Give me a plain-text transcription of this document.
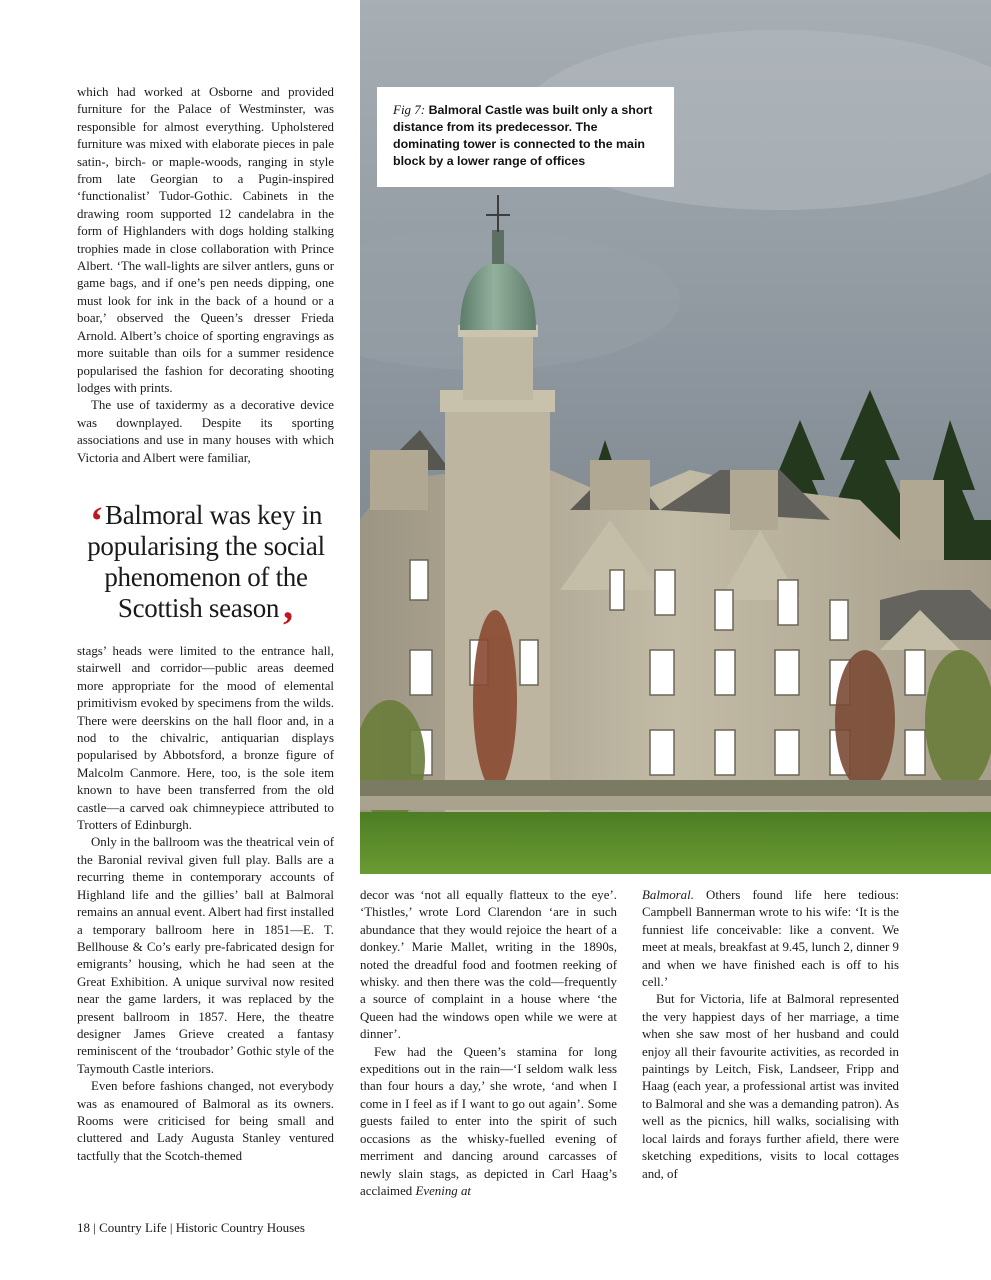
Fig 7: Balmoral Castle was built only a short distance from its predecessor. The dominating tower is connected to the main block by a lower range of offices

which had worked at Osborne and provided furniture for the Palace of Westminster, was responsible for almost everything. Upholstered furniture was mixed with elaborate pieces in pale satin-, birch- or maple-woods, ranging in style from late Georgian to a Pugin-inspired ‘functionalist’ Tudor-Gothic. Cabinets in the drawing room supported 12 candelabra in the form of Highlanders with dogs holding stalking trophies made in close collaboration with Prince Albert. ‘The wall-lights are silver antlers, guns or game bags, and if one’s pen needs dipping, one must look for ink in the back of a hound or a boar,’ observed the Queen’s dresser Frieda Arnold. Albert’s choice of sporting engravings as more suitable than oils for a summer residence popularised the fashion for decorating shooting lodges with prints.

The use of taxidermy as a decorative device was downplayed. Despite its sporting associations and use in many houses with which Victoria and Albert were familiar,

‘Balmoral was key in popularising the social phenomenon of the Scottish season’

stags’ heads were limited to the entrance hall, stairwell and corridor—public areas deemed more appropriate for the mood of elemental primitivism evoked by specimens from the wilds. There were deerskins on the hall floor and, in a nod to the chivalric, antiquarian displays popularised by Abbotsford, a bronze figure of Malcolm Canmore. Here, too, is the sole item known to have been transferred from the old castle—a carved oak chimneypiece attributed to Trotters of Edinburgh.

Only in the ballroom was the theatrical vein of the Baronial revival given full play. Balls are a recurring theme in contemporary accounts of Highland life and the gillies’ ball at Balmoral remains an annual event. Albert had first installed a temporary ballroom here in 1851—E. T. Bellhouse & Co’s early pre-fabricated design for emigrants’ housing, which he had seen at the Great Exhibition. A unique survival now resited near the game larders, it was replaced by the present ballroom in 1857. Here, the theatre designer James Grieve created a fantasy reminiscent of the ‘troubador’ Gothic style of the Taymouth Castle interiors.

Even before fashions changed, not everybody was as enamoured of Balmoral as its owners. Rooms were criticised for being small and cluttered and Lady Augusta Stanley ventured tactfully that the Scotch-themed

decor was ‘not all equally flatteux to the eye’. ‘Thistles,’ wrote Lord Clarendon ‘are in such abundance that they would rejoice the heart of a donkey.’ Marie Mallet, writing in the 1890s, noted the dreadful food and footmen reeking of whisky. and then there was the cold—frequently a source of complaint in a house where ‘the Queen had the windows open while we were at dinner’.

Few had the Queen’s stamina for long expeditions out in the rain—‘I seldom walk less than four hours a day,’ she wrote, ‘and when I come in I feel as if I want to go out again’. Some guests failed to enter into the spirit of such occasions as the whisky-fuelled evening of merriment and dancing around carcasses of newly slain stags, as depicted in Carl Haag’s acclaimed Evening at

Balmoral. Others found life here tedious: Campbell Bannerman wrote to his wife: ‘It is the funniest life conceivable: like a convent. We meet at meals, breakfast at 9.45, lunch 2, dinner 9 and when we have finished each is off to his cell.’

But for Victoria, life at Balmoral represented the very happiest days of her marriage, a time when she saw most of her husband and could enjoy all their favourite activities, as recorded in paintings by Leitch, Fisk, Landseer, Fripp and Haag (each year, a professional artist was invited to Balmoral and she was a demanding patron). As well as the picnics, hill walks, socialising with local lairds and forays further afield, there were sketching expeditions, visits to local cottages and, of

18 | Country Life | Historic Country Houses
